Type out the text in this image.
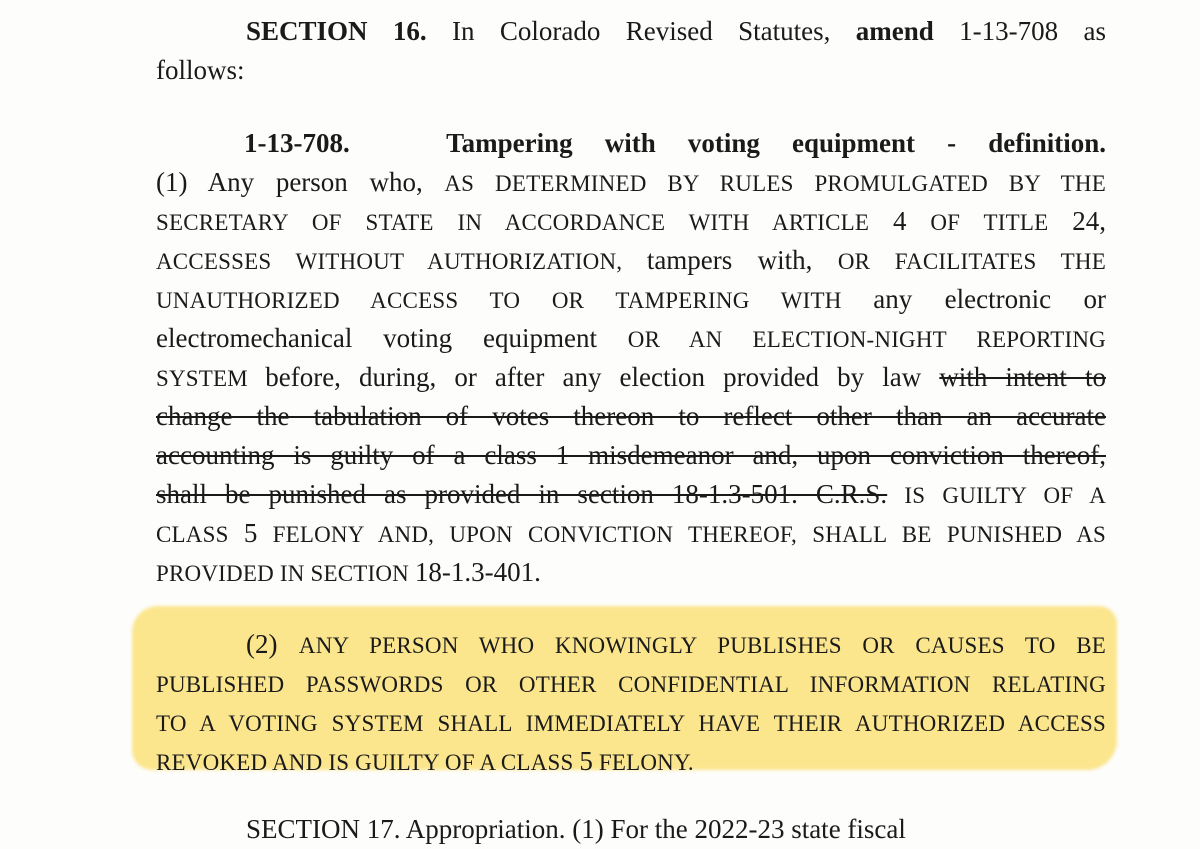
SECTION 16. In Colorado Revised Statutes, amend 1-13-708 as
follows:
1-13-708.	Tampering with voting equipment - definition.
(1) Any person who, AS DETERMINED BY RULES PROMULGATED BY THE
SECRETARY OF STATE IN ACCORDANCE WITH ARTICLE 4 OF TITLE 24,
ACCESSES WITHOUT AUTHORIZATION, tampers with, OR FACILITATES THE
UNAUTHORIZED ACCESS TO OR TAMPERING WITH any electronic or
electromechanical voting equipment OR AN ELECTION-NIGHT REPORTING
SYSTEM before, during, or after any election provided by law with intent to
change the tabulation of votes thereon to reflect other than an accurate
accounting is guilty of a class 1 misdemeanor and, upon conviction thereof,
shall be punished as provided in section 18-1.3-501. C.R.S. IS GUILTY OF A
CLASS 5 FELONY AND, UPON CONVICTION THEREOF, SHALL BE PUNISHED AS
PROVIDED IN SECTION 18-1.3-401.
(2) ANY PERSON WHO KNOWINGLY PUBLISHES OR CAUSES TO BE
PUBLISHED PASSWORDS OR OTHER CONFIDENTIAL INFORMATION RELATING
TO A VOTING SYSTEM SHALL IMMEDIATELY HAVE THEIR AUTHORIZED ACCESS
REVOKED AND IS GUILTY OF A CLASS 5 FELONY.
SECTION 17. Appropriation. (1) For the 2022-23 state fiscal
